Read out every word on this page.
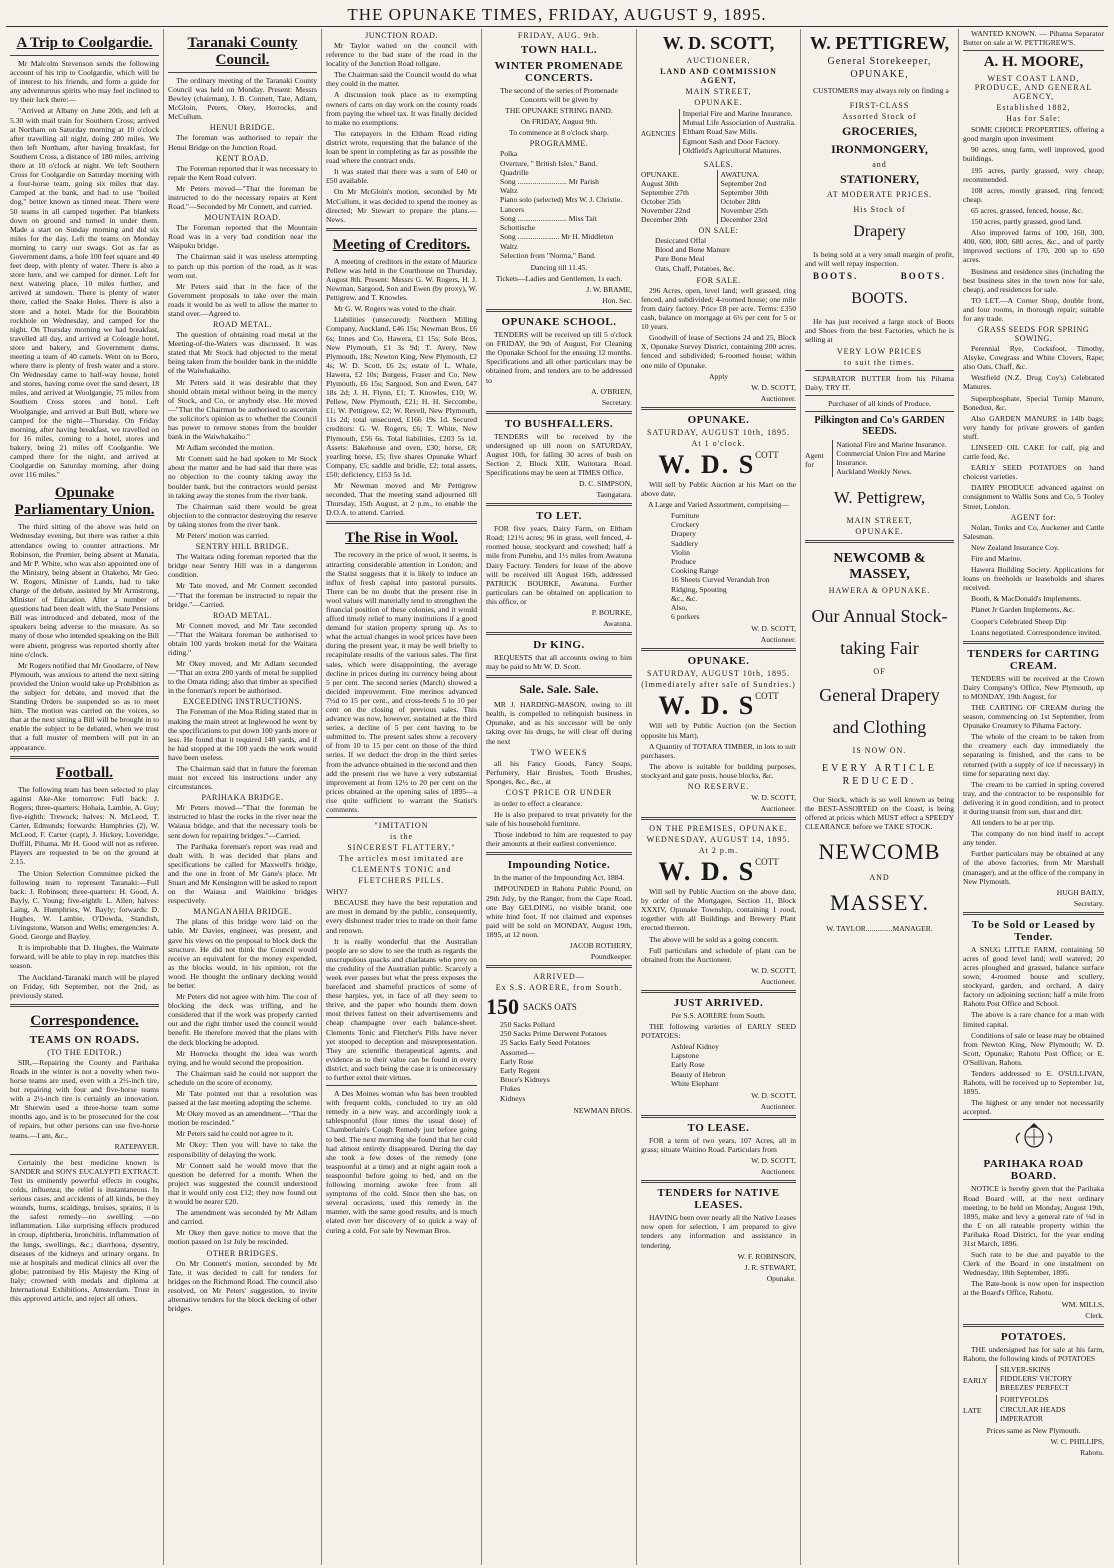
THE OPUNAKE TIMES, FRIDAY, AUGUST 9, 1895.
A Trip to Coolgardie.

Mr Malcolm Stevenson sends the following account of his trip to Coolgardie, which will be of interest to his friends, and form a guide for any adventurous spirits who may feel inclined to try their luck there:—

"Arrived at Albany on June 20th, and left at 5.30 with mail train for Southern Cross; arrived at Northam on Saturday morning at 10 o'clock after travelling all night, doing 280 miles. We then left Northam, after having breakfast, for Southern Cross, a distance of 180 miles, arriving there at 10 o'clock at night. We left Southern Cross for Coolgardie on Saturday morning with a four-horse team, going six miles that day. Camped at the bank, and had to use "boiled dog," better known as tinned meat. There were 50 teams in all camped together. Pat blankets down on ground and turned in under them. Made a start on Sunday morning and did six miles for the day. Left the teams on Monday morning to carry our swags. Got as far as Government dams, a hole 100 feet square and 40 feet deep, with plenty of water. There is also a store here, and we camped for dinner. Left for next watering place, 10 miles further, and arrived at sundown. There is plenty of water there, called the Snake Holes. There is also a store and a hotel. Made for the Boorabbin rockhole on Wednesday, and camped for the night. On Thursday morning we had breakfast, travelled all day, and arrived at Coleagle hotel, store and bakery, and Government dams, meeting a team of 40 camels. Went on to Boro, where there is plenty of fresh water and a store. On Wednesday came to half-way house, hotel and stores, having come over the sand desert, 18 miles, and arrived at Woolgangie, 75 miles from Southern Cross stores and hotel. Left Woolgangie, and arrived at Bull Bull, where we camped for the night—Thursday. On Friday morning, after having breakfast, we travelled on for 16 miles, coming to a hotel, stores and bakery, being 21 miles off Coolgardie. We camped there for the night, and arrived at Coolgardie on Saturday morning, after doing over 116 miles."

Opunake Parliamentary Union.

The third sitting of the above was held on Wednesday evening, but there was rather a thin attendance owing to counter attractions. Mr Robinson, the Premier, being absent at Manaia, and Mr P. White, who was also appointed one of the Ministry, being absent at Otakeho, Mr Geo. W. Rogers, Minister of Lands, had to take charge of the debate, assisted by Mr Armstrong, Minister of Education. After a number of questions had been dealt with, the State Pensions Bill was introduced and debated, most of the speakers being adverse to the measure. As so many of those who intended speaking on the Bill were absent, progress was reported shortly after nine o'clock.

Mr Rogers notified that Mr Goodacre, of New Plymouth, was anxious to attend the next sitting provided the Union would take up Prohibition as the subject for debate, and moved that the Standing Orders be suspended so as to meet him. The motion was carried on the voices, so that at the next sitting a Bill will be brought in to enable the subject to be debated, when we trust that a full muster of members will put in an appearance.

Football.

The following team has been selected to play against Ake-Ake tomorrow: Full back: J. Rogers; three-quarters: Hohaia, Lambie, A. Guy; five-eighth: Trewock; halves: N. McLeod, T. Carter, Edmunds; forwards: Humphries (2), W. McLeod, F. Carter (capt), J. Hickey, Loveridge, Duffill, Pihama. Mr H. Good will not as referee. Players are requested to be on the ground at 2.15.

The Union Selection Committee picked the following team to represent Taranaki:—Full back: J. Robinson; three-quarters: H. Good, A. Bayly, C. Young; five-eighth: L. Allen; halves: Laing, A. Humphries, W. Bayly; forwards: D. Hughes, W. Lambie, O'Dowda, Standish, Livingstone, Watson and Wells; emergencies: A. Good, George and Bayley.

It is improbable that D. Hughes, the Waimate forward, will be able to play in rep. matches this season.

The Auckland-Taranaki match will be played on Friday, 6th September, not the 2nd, as previously stated.

Correspondence.
TEAMS ON ROADS.
(TO THE EDITOR.)

SIR,—Repairing the County and Parihaka Roads in the winter is not a novelty when two-horse teams are used, even with a 2½-inch tire, but repairing with four and five-horse teams with a 2½-inch tire is certainly an innovation. Mr Sherwin used a three-horse team some months ago, and is to be prosecuted for the cost of repairs, but other persons can use five-horse teams.—I am, &c.,

RATEPAYER.

Certainly the best medicine known is SANDER and SON'S EUCALYPTI EXTRACT. Test its eminently powerful effects in coughs, colds, influenza; the relief is instantaneous. In serious cases, and accidents of all kinds, be they wounds, burns, scaldings, bruises, sprains, it is the safest remedy—no swelling —no inflammation. Like surprising effects produced in croup, diphtheria, bronchitis, inflammation of the lungs, swellings, &c.; diarrhoea, dysentry, diseases of the kidneys and urinary organs. In use at hospitals and medical clinics all over the globe; patronised by His Majesty the King of Italy; crowned with medals and diploma at International Exhibitions, Amsterdam. Trust in this approved article, and reject all others.

Taranaki County Council.

The ordinary meeting of the Taranaki County Council was held on Monday. Present: Messrs Bewley (chairman), J. B. Connett, Tate, Adlam, McGloin, Peters, Okey, Horrocks, and McCullum.

HENUI BRIDGE.

The foreman was authorised to repair the Henui Bridge on the Junction Road.

KENT ROAD.

The Foreman reported that it was necessary to repair the Kent Road culvert.

Mr Peters moved—"That the foreman be instructed to do the necessary repairs at Kent Road."—Seconded by Mr Connett, and carried.

MOUNTAIN ROAD.

The Foreman reported that the Mountain Road was in a very bad condition near the Waipuku bridge.

The Chairman said it was useless attempting to patch up this portion of the road, as it was worn out.

Mr Peters said that in the face of the Government proposals to take over the main roads it would be as well to allow the matter to stand over.—Agreed to.

ROAD METAL.

The question of obtaining road metal at the Meeting-of-the-Waters was discussed. It was stated that Mr Stock had objected to the metal being taken from the boulder bank in the middle of the Waiwhakaiho.

Mr Peters said it was desirable that they should obtain metal without being in the mercy of Stock, and Co, or anybody else. He moved—"That the Chairman be authorised to ascertain the solicitor's opinion as to whether the Council has power to remove stones from the boulder bank in the Waiwhakaiho."

Mr Adlam seconded the motion.

Mr Connett said he had spoken to Mr Stock about the matter and he had said that there was no objection to the county taking away the boulder bank, but the contractors would persist in taking away the stones from the river bank.

The Chairman said there would be great objection to the contractor destroying the reserve by taking stones from the river bank.

Mr Peters' motion was carried.

SENTRY HILL BRIDGE.

The Waitara riding foreman reported that the bridge near Sentry Hill was in a dangerous condition.

Mr Tate moved, and Mr Connett seconded—"That the foreman be instructed to repair the bridge."—Carried.

ROAD METAL.

Mr Connett moved, and Mr Tate seconded—"That the Waitara foreman be authorised to obtain 100 yards broken metal for the Waitara riding."

Mr Okey moved, and Mr Adlam seconded—"That an extra 200 yards of metal be supplied to the Omata riding; also that timber as specified in the foreman's report be authorised.

EXCEEDING INSTRUCTIONS.

The Foreman of the Moa Riding stated that in making the main street at Inglewood he went by the specifications to put down 100 yards more or less. He found that it required 140 yards, and if he had stopped at the 100 yards the work would have been useless.

The Chairman said that in future the foreman must not exceed his instructions under any circumstances.

PARIHAKA BRIDGE.

Mr Peters moved—"That the foreman be instructed to blast the rocks in the river near the Waiaua bridge, and that the necessary tools be sent down for repairing bridges."—Carried.

The Parihaka foreman's report was read and dealt with. It was decided that plans and specifications be called for Maxwell's bridge, and the one in front of Mr Gane's place. Mr Stuart and Mr Kensington will be asked to report on the Waiaua and Waitikino bridges respectively.

MANGANAHIA BRIDGE.

The plans of this bridge were laid on the table. Mr Davies, engineer, was present, and gave his views on the proposal to block deck the structure. He did not think the Council would receive an equivalent for the money expended, as the blocks would, in his opinion, rot the wood. He thought the ordinary decking would be better.

Mr Peters did not agree with him. The cost of blocking the deck was trifling, and he considered that if the work was properly carried out and the right timber used the council would benefit. He therefore moved that the plans with the deck blocking be adopted.

Mr Horrocks thought the idea was worth trying, and he would second the proposition.

The Chairman said he could not support the schedule on the score of economy.

Mr Tate pointed out that a resolution was passed at the last meeting adopting the scheme.

Mr Okey moved as an amendment—"That the motion be rescinded."

Mr Peters said he could not agree to it.

Mr Okey: Then you will have to take the responsibility of delaying the work.

Mr Connett said he would move that the question be deferred for a month. When the project was suggested the council understood that it would only cost £12; they now found out it would be nearer £20.

The amendment was seconded by Mr Adlam and carried.

Mr Okey then gave notice to move that the motion passed on 1st July be rescinded.

OTHER BRIDGES.

On Mr Connett's motion, seconded by Mr Tate, it was decided to call for tenders for bridges on the Richmond Road. The council also resolved, on Mr Peters' suggestion, to invite alternative tenders for the block decking of other bridges.

JUNCTION ROAD.

Mr Taylor waited on the council with reference to the bad state of the road in the locality of the Junction Road tollgate.

The Chairman said the Council would do what they could in the matter.

A discussion took place as to exempting owners of carts on day work on the county roads from paying the wheel tax. It was finally decided to make no exemptions.

The ratepayers in the Eltham Road riding district wrote, requesting that the balance of the loan be spent in completing as far as possible the road where the contract ends.

It was stated that there was a sum of £40 or £50 available.

On Mr McGloin's motion, seconded by Mr McCullum, it was decided to spend the money as directed; Mr Stewart to prepare the plans.—News.

Meeting of Creditors.

A meeting of creditors in the estate of Maurice Pellew was held in the Courthouse on Thursday, August 8th. Present: Messrs G. W. Rogers, H. J. Newman, Sargood, Son and Ewen (by proxy), W. Pettigrew, and T. Knowles.

Mr G. W. Rogers was voted to the chair.

Liabilities (unsecured): Northern Milling Company, Auckland, £46 15s; Newman Bros, £6 6s; Innes and Co, Hawera, £1 15s; Sole Bros, New Plymouth, £1 3s 9d; T. Avery, New Plymouth, 18s; Newton King, New Plymouth, £2 4s; W. D. Scott, £6 2s; estate of L. Whale, Hawera, £2 10s; Burgess, Fraser and Co, New Plymouth, £6 15s; Sargood, Son and Ewen, £47 18s 2d; J. H. Flynn, £1; T. Knowles, £10; W. Pellew, New Plymouth, £21; H. H. Seccombe, £1; W. Pettigrew, £2; W. Revell, New Plymouth, 11s 2d; total unsecured, £166 19s 1d. Secured creditors: G. W. Rogers, £6; T. White, New Plymouth, £56 6s. Total liabilities, £203 5s 1d. Assets: Bakehouse and oven, £30; horse, £8; yearling horse, £5; five shares Opunake Wharf Company, £5; saddle and bridle, £2; total assets, £50; deficiency, £153 5s 1d.

Mr Newman moved and Mr Pettigrew seconded, That the meeting stand adjourned till Thursday, 15th August, at 2 p.m., to enable the D.O.A. to attend. Carried.

The Rise in Wool.

The recovery in the price of wool, it seems, is attracting considerable attention in London; and the Statist suggests that it is likely to induce an influx of fresh capital into pastoral pursuits. There can be no doubt that the present rise in wool values will materially tend to strengthen the financial position of these colonies, and it would afford timely relief to many institutions if a good demand for station property sprung up. As to what the actual changes in wool prices have been during the present year, it may be well briefly to recapitulate results of the various sales. The first sales, which were disappointing, the average decline in prices during its currency being about 5 per cent. The second series (March) showed a decided improvement. Fine merinos advanced 7½d to 15 per cent., and cross-breds 5 to 10 per cent on the closing of previous sales. This advance was now, however, sustained at the third series, a decline of 5 per cent having to be submitted to. The present sales show a recovery of from 10 to 15 per cent on those of the third series. If we deduct the drop in the third series from the advance obtained in the second and then add the present rise we have a very substantial improvement at from 12½ to 20 per cent on the prices obtained at the opening sales of 1895—a rise quite sufficient to warrant the Statist's comments.

"IMITATION
is the
SINCEREST FLATTERY."
The articles most imitated are
CLEMENTS TONIC and
FLETCHERS PILLS.

WHY?

BECAUSE they have the best reputation and are most in demand by the public, consequently, every dishonest trader tries to trade on their fame and renown.

It is really wonderful that the Australian people are so slow to see the truth as regards the unscrupulous quacks and charlatans who prey on the credulity of the Australian public. Scarcely a week ever passes but what the press exposes the barefaced and shameful practices of some of these harpies, yet, in face of all they seem to thrive, and the paper who hounds them down most thrives fattest on their advertisements and cheap champagne over each balance-sheet. Clements Tonic and Fletcher's Pills have never yet stooped to deception and misrepresentation. They are scientific therapeutical agents, and evidence as to their value can be found in every district, and such being the case it is unnecessary to further extol their virtues.

A Des Moines woman who has been troubled with frequent colds, concluded to try an old remedy in a new way, and accordingly took a tablespoonful (four times the usual dose) of Chamberlain's Cough Remedy just before going to bed. The next morning she found that her cold had almost entirely disappeared. During the day she took a few doses of the remedy (one teaspoonful at a time) and at night again took a teaspoonful before going to bed, and on the following morning awoke free from all symptoms of the cold. Since then she has, on several occasions, used this remedy in the manner, with the same good results, and is much elated over her discovery of so quick a way of curing a cold. For sale by Newman Bros.

FRIDAY, AUG. 9th.
TOWN HALL.
WINTER PROMENADE CONCERTS.

The second of the series of Promenade Concerts will be given by

THE OPUNAKE STRING BAND.

On FRIDAY, August 9th.

To commence at 8 o'clock sharp.

PROGRAMME.
Polka
Overture, " British Isles," Band.
Quadrille
Song .......................... Mr Parish
Waltz
Piano solo (selected) Mrs W. J. Christie.
Lancers
Song .......................... Miss Tait
Schottische
Song ...................... Mr H. Middleton
Waltz
Selection from "Norma," Band.

Dancing till 11.45.

Tickets—Ladies and Gentlemen, 1s each.

J. W. BRAME,
Hon. Sec.
OPUNAKE SCHOOL.

TENDERS will be received up till 5 o'clock on FRIDAY, the 9th of August, For Cleaning the Opunake School for the ensuing 12 months. Specifications and all other particulars may be obtained from, and tenders are to be addressed to

A. O'BRIEN,
Secretary.
TO BUSHFALLERS.

TENDERS will be received by the undersigned up till noon on SATURDAY, August 10th, for falling 30 acres of bush on Section 2, Block XIII, Waitotara Road. Specifications may be seen at TIMES Office.

D. C. SIMPSON,
Taungatara.
TO LET.

FOR five years, Dairy Farm, on Eltham Road; 121½ acres; 96 in grass, well fenced, 4-roomed house, stockyard and cowshed; half a mile from Punehu, and 1½ miles from Awatuna Dairy Factory. Tenders for lease of the above will be received till August 16th, addressed PATRICK BOURKE, Awatuna. Further particulars can be obtained on application to this office, or

P. BOURKE,
Awatuna.
Dr KING.

REQUESTS that all accounts owing to him may be paid to Mr W. D. Scott.

Sale. Sale. Sale.

MR J. HARDING-MASON, owing to ill health, is compelled to relinquish business in Opunake, and as his successor will be only taking over his drugs, he will clear off during the next

TWO WEEKS

all his Fancy Goods, Fancy Soaps, Perfumery, Hair Brushes, Tooth Brushes, Sponges, &c., &c., at

COST PRICE OR UNDER

in order to effect a clearance.

He is also prepared to treat privately for the sale of his household furniture.

Those indebted to him are requested to pay their amounts at their earliest convenience.

Impounding Notice.

In the matter of the Impounding Act, 1884.

IMPOUNDED in Rahotu Public Pound, on 29th July, by the Ranger, from the Cape Road, one Bay GELDING, no visible brand, one white hind foot. If not claimed and expenses paid will be sold on MONDAY, August 19th, 1895, at 12 noon.

JACOB ROTHERY,
Poundkeeper.
ARRIVED—
Ex S.S. AORERE, from South.
150 SACKS OATS
250 Sacks Pollard
250 Sacks Prime Derwent Potatoes
25 Sacks Early Seed Potatoes
Assorted—
Early Rose
Early Regent
Bruce's Kidneys
Flukes
Kidneys
NEWMAN BROS.
W. D. SCOTT,
AUCTIONEER,
LAND AND COMMISSION AGENT,
MAIN STREET,
OPUNAKE.
AGENCIES
Imperial Fire and Marine Insurance.
Mutual Life Association of Australia.
Eltham Road Saw Mills.
Egmont Sash and Door Factory.
Oldfield's Agricultural Manures.
SALES.
OPUNAKE.
August 30th
September 27th
October 25th
November 22nd
December 20th
AWATUNA.
September 2nd
September 30th
October 28th
November 25th
December 23rd
ON SALE:
Desiccated Offal
Blood and Bone Manure
Pure Bone Meal
Oats, Chaff, Potatoes, &c.
FOR SALE.

296 Acres, open, level land; well grassed, ring fenced, and subdivided; 4-roomed house; one mile from dairy factory. Price £8 per acre. Terms: £350 cash, balance on mortgage at 6½ per cent for 5 or 10 years.

Goodwill of lease of Sections 24 and 25, Block X, Opunake Survey District, containing 200 acres, fenced and subdivided; 6-roomed house; within one mile of Opunake.

Apply

W. D. SCOTT,
Auctioneer.
OPUNAKE.
SATURDAY, AUGUST 10th, 1895.
At 1 o'clock.
W. D. $S^{COTT}$

Will sell by Public Auction at his Mart on the above date,

A Large and Varied Assortment, comprising—

Furniture
Crockery
Drapery
Saddlery
Violin
Produce
Cooking Range
16 Sheets Curved Verandah Iron
Ridging, Spouting
&c., &c.
Also,
6 porkers
W. D. SCOTT,
Auctioneer.
OPUNAKE.
SATURDAY, AUGUST 10th, 1895.
(Immediately after sale of Sundries.)
W. D. $S^{COTT}$

Will sell by Public Auction (on the Section opposite his Mart),

A Quantity of TOTARA TIMBER, in lots to suit purchasers.

The above is suitable for building purposes, stockyard and gate posts, house blocks, &c.

NO RESERVE.
W. D. SCOTT,
Auctioneer.
ON THE PREMISES, OPUNAKE.
WEDNESDAY, AUGUST 14, 1895.
At 2 p.m.
W. D. $S^{COTT}$

Will sell by Public Auction on the above date, by order of the Mortgagee, Section 11, Block XXXIV, Opunake Township, containing 1 rood, together with all Buildings and Brewery Plant erected thereon.

The above will be sold as a going concern.

Full particulars and schedule of plant can be obtained from the Auctioneer.

W. D. SCOTT,
Auctioneer.
JUST ARRIVED.

Per S.S. AORERE from South.

THE following varieties of EARLY SEED POTATOES:

Ashleaf Kidney
Lapstone
Early Rose
Beauty of Hebron
White Elephant
W. D. SCOTT,
Auctioneer.
TO LEASE.

FOR a term of two years, 107 Acres, all in grass; situate Waitino Road. Particulars from

W. D. SCOTT,
Auctioneer.
TENDERS for NATIVE LEASES.

HAVING been over nearly all the Native Leases now open for selection, I am prepared to give tenders any information and assistance in tendering.

W. F. ROBINSON,
J. R. STEWART,
Opunake.
W. PETTIGREW,
General Storekeeper,
OPUNAKE,

CUSTOMERS may always rely on finding a

FIRST-CLASS
Assorted Stock of
GROCERIES,
IRONMONGERY,
and
STATIONERY,
AT MODERATE PRICES.
His Stock of
Drapery

Is being sold at a very small margin of profit, and will well repay inspection.

BOOTS.          BOOTS.
BOOTS.

He has just received a large stock of Boots and Shoes from the best Factories, which he is selling at

VERY LOW PRICES
to suit the times.

SEPARATOR BUTTER from his Pihama Dairy. TRY IT.

Purchaser of all kinds of Produce.

Pilkington and Co's GARDEN SEEDS.
Agent for
National Fire and Marine Insurance.
Commercial Union Fire and Marine Insurance.
Auckland Weekly News.
W. Pettigrew,
MAIN STREET,
OPUNAKE.
NEWCOMB & MASSEY,
HAWERA & OPUNAKE.
Our Annual Stock-
taking Fair
OF
General Drapery
and Clothing
IS NOW ON.
EVERY ARTICLE
REDUCED.

Our Stock, which is so well known as being the BEST-ASSORTED on the Coast, is being offered at prices which MUST effect a SPEEDY CLEARANCE before we TAKE STOCK.

NEWCOMB
AND
MASSEY.

W. TAYLOR..............MANAGER.

WANTED KNOWN. — Pihama Separator Butter on sale at W. PETTIGREW'S.

A. H. MOORE,
WEST COAST LAND, PRODUCE, AND GENERAL AGENCY,
Established 1882,
Has for Sale:

SOME CHOICE PROPERTIES, offering a good margin upon investment

90 acres, snug farm, well improved, good buildings.

195 acres, partly grassed, very cheap; recommended.

108 acres, mostly grassed, ring fenced; cheap.

65 acres, grassed, fenced, house, &c.

150 acres, partly grassed, good land.

Also improved farms of 100, 160, 300, 400, 600, 800, 680 acres, &c., and of partly improved sections of 170, 200 up to 650 acres.

Business and residence sites (including the best business sites in the town now for sale, cheap), and residences for sale.

TO LET.—A Corner Shop, double front, and four rooms, in thorough repair; suitable for any trade.

GRASS SEEDS FOR SPRING SOWING.

Perennial Rye, Cocksfoot, Timothy, Alsyke, Cowgrass and White Clovers, Rape; also Oats, Chaff, &c.

Westfield (N.Z. Drug Coy's) Celebrated Manures.

Superphosphate, Special Turnip Manure, Bonedust, &c.

Also GARDEN MANURE in 14lb bags; very handy for private growers of garden stuff.

LINSEED OIL CAKE for calf, pig and cattle feed, &c.

EARLY SEED POTATOES on hand choicest varieties.

DAIRY PRODUCE advanced against on consignment to Wallis Sons and Co, 5 Tooley Street, London.

AGENT for:

Nolan, Tonks and Co, Auckener and Cattle Salesman.

New Zealand Insurance Coy.

Fire and Marine.

Hawera Building Society. Applications for loans on freeholds or leaseholds and shares received.

Booth, & MacDonald's Implements.

Planet Jr Garden Implements, &c.

Cooper's Celebrated Sheep Dip

Loans negotiated. Correspondence invited.

TENDERS for CARTING CREAM.

TENDERS will be received at the Crown Dairy Company's Office, New Plymouth, up to MONDAY, 19th August, for

THE CARTING OF CREAM during the season, commencing on 1st September, from Opunake Creamery to Pihama Factory.

The whole of the cream to be taken from the creamery each day immediately the separating is finished, and the cans to be returned (with a supply of ice if necessary) in time for separating next day.

The cream to be carried in spring covered tray, and the contractor to be responsible for delivering it in good condition, and to protect it during transit from sun, dust and dirt.

All tenders to be at per trip.

The company do not bind itself to accept any tender.

Further particulars may be obtained at any of the above factories, from Mr Marshall (manager), and at the office of the company in New Plymouth.

HUGH BAILY,
Secretary.
To be Sold or Leased by Tender.

A SNUG LITTLE FARM, containing 50 acres of good level land; well watered; 20 acres ploughed and grassed, balance surface sown; 4-roomed house and scullery, stockyard, garden, and orchard. A dairy factory on adjoining section; half a mile from Rahotu Post Office and School.

The above is a rare chance for a man with limited capital.

Conditions of sale or lease may be obtained from Newton King, New Plymouth; W. D. Scott, Opunake; Rahotu Post Office; or E. O'Sullivan, Rahotu.

Tenders addressed to E. O'SULLIVAN, Rahotu, will be received up to September 1st, 1895.

The highest or any tender not necessarily accepted.

PARIHAKA ROAD BOARD.

NOTICE is hereby given that the Parihaka Road Board will, at the next ordinary meeting, to be held on Monday, August 19th, 1895, make and levy a general rate of ⅛d in the £ on all rateable property within the Parihaka Road District, for the year ending 31st March, 1896.

Such rate to be due and payable to the Clerk of the Board in one instalment on Wednesday, 18th September, 1895.

The Rate-book is now open for inspection at the Board's Office, Rahotu.

WM. MILLS,
Clerk.
POTATOES.

THE undersigned has for sale at his farm, Rahotu, the following kinds of POTATOES

EARLY
SILVER-SKINS
FIDDLERS' VICTORY
BREEZES' PERFECT
LATE
FORTYFOLDS
CIRCULAR HEADS
IMPERATOR

Prices same as New Plymouth.

W. C. PHILLIPS,
Rahotu.
